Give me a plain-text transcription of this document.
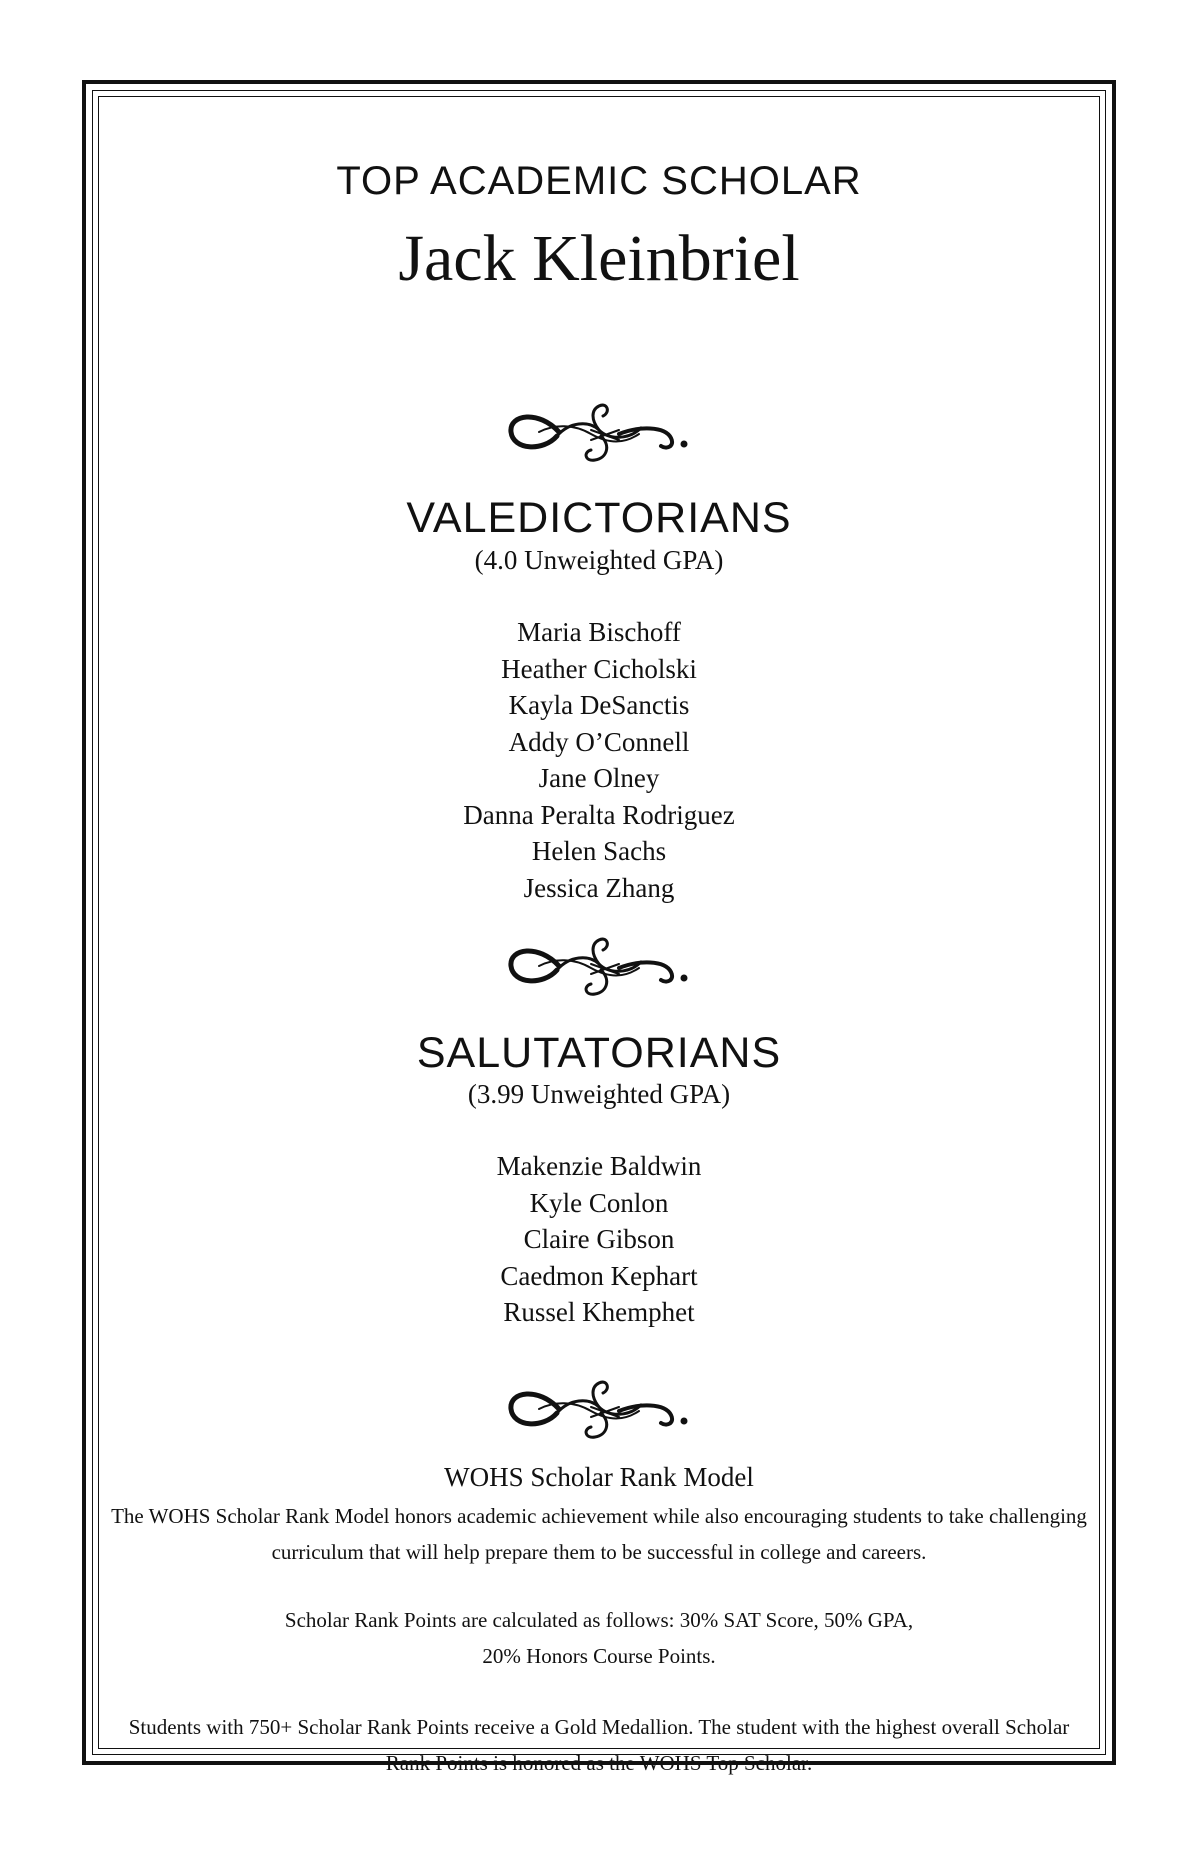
TOP ACADEMIC SCHOLAR
Jack Kleinbriel
VALEDICTORIANS
(4.0 Unweighted GPA)
Maria Bischoff
Heather Cicholski
Kayla DeSanctis
Addy O’Connell
Jane Olney
Danna Peralta Rodriguez
Helen Sachs
Jessica Zhang
SALUTATORIANS
(3.99 Unweighted GPA)
Makenzie Baldwin
Kyle Conlon
Claire Gibson
Caedmon Kephart
Russel Khemphet
WOHS Scholar Rank Model

The WOHS Scholar Rank Model honors academic achievement while also encouraging students to take challenging curriculum that will help prepare them to be successful in college and careers.

Scholar Rank Points are calculated as follows: 30% SAT Score, 50% GPA, 20% Honors Course Points.

Students with 750+ Scholar Rank Points receive a Gold Medallion. The student with the highest overall Scholar Rank Points is honored as the WOHS Top Scholar.
